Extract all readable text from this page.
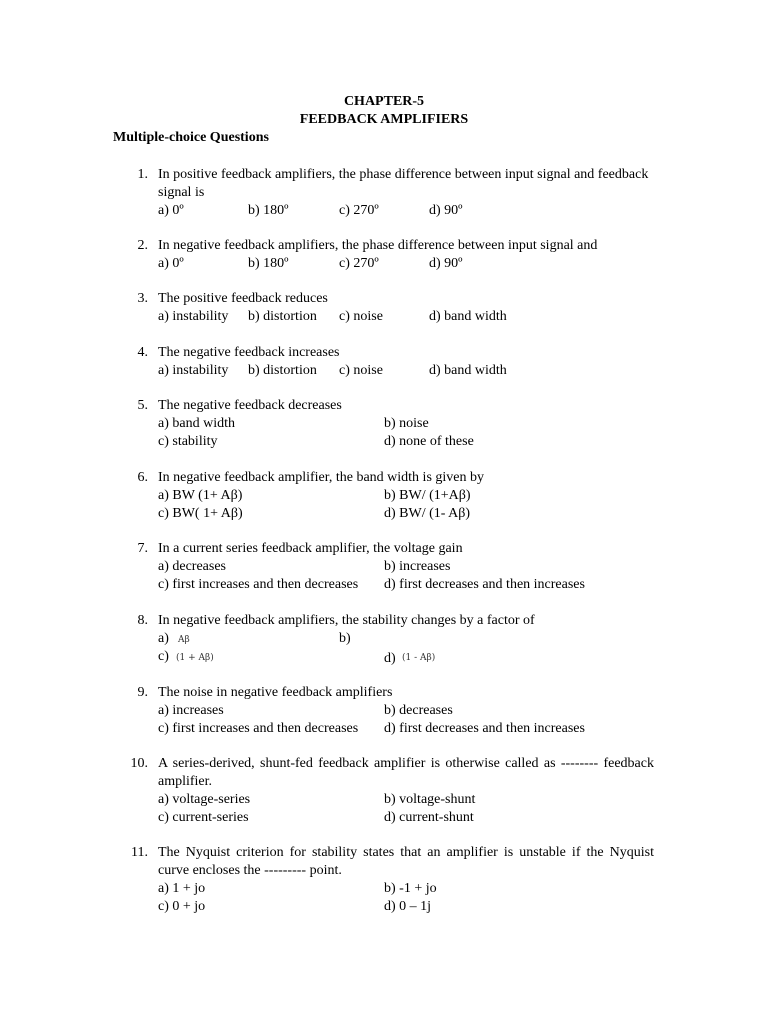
CHAPTER-5
FEEDBACK AMPLIFIERS
Multiple-choice Questions
1. In positive feedback amplifiers, the phase difference between input signal and feedback signal is
a) 0º	b) 180º	c) 270º	d) 90º
2. In negative feedback amplifiers, the phase difference between input signal and
a) 0º	b) 180º	c) 270º	d) 90º
3. The positive feedback reduces
a) instability b) distortion c) noise	d) band width
4. The negative feedback increases
a) instability b) distortion c) noise	d) band width
5. The negative feedback decreases
a) band width	b) noise
c) stability	d) none of these
6. In negative feedback amplifier, the band width is given by
a) BW (1+ Aβ)	b) BW/ (1+Aβ)
c) BW( 1+ Aβ)	d) BW/ (1- Aβ)
7. In a current series feedback amplifier, the voltage gain
a) decreases	b) increases
c) first increases and then decreases d) first decreases and then increases
8. In negative feedback amplifiers, the stability changes by a factor of
a) Aβ	b)
c) (1 + Aβ)	d) (1 - Aβ)
9. The noise in negative feedback amplifiers
a) increases	b) decreases
c) first increases and then decreases d) first decreases and then increases
10. A series-derived, shunt-fed feedback amplifier is otherwise called as -------- feedback amplifier.
a) voltage-series	b) voltage-shunt
c) current-series	d) current-shunt
11. The Nyquist criterion for stability states that an amplifier is unstable if the Nyquist curve encloses the --------- point.
a) 1 + jo	b) -1 + jo
c) 0 + jo	d) 0 – 1j
